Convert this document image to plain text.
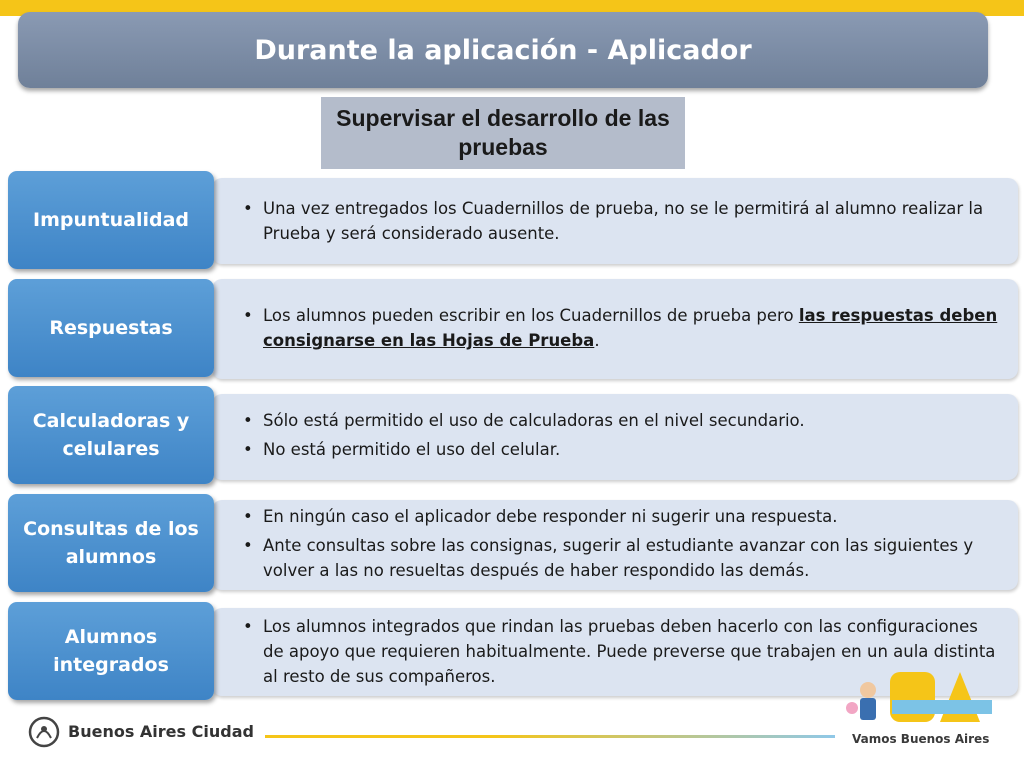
Durante la aplicación - Aplicador
Supervisar el desarrollo de las pruebas
Impuntualidad
• Una vez entregados los Cuadernillos de prueba, no se le permitirá al alumno realizar la Prueba y será considerado ausente.
Respuestas
• Los alumnos pueden escribir en los Cuadernillos de prueba pero las respuestas deben consignarse en las Hojas de Prueba.
Calculadoras y celulares
• Sólo está permitido el uso de calculadoras en el nivel secundario.
• No está permitido el uso del celular.
Consultas de los alumnos
• En ningún caso el aplicador debe responder ni sugerir una respuesta.
• Ante consultas sobre las consignas, sugerir al estudiante avanzar con las siguientes y volver a las no resueltas después de haber respondido las demás.
Alumnos integrados
• Los alumnos integrados que rindan las pruebas deben hacerlo con las configuraciones de apoyo que requieren habitualmente. Puede preverse que trabajen en un aula distinta al resto de sus compañeros.
Buenos Aires Ciudad	Vamos Buenos Aires
